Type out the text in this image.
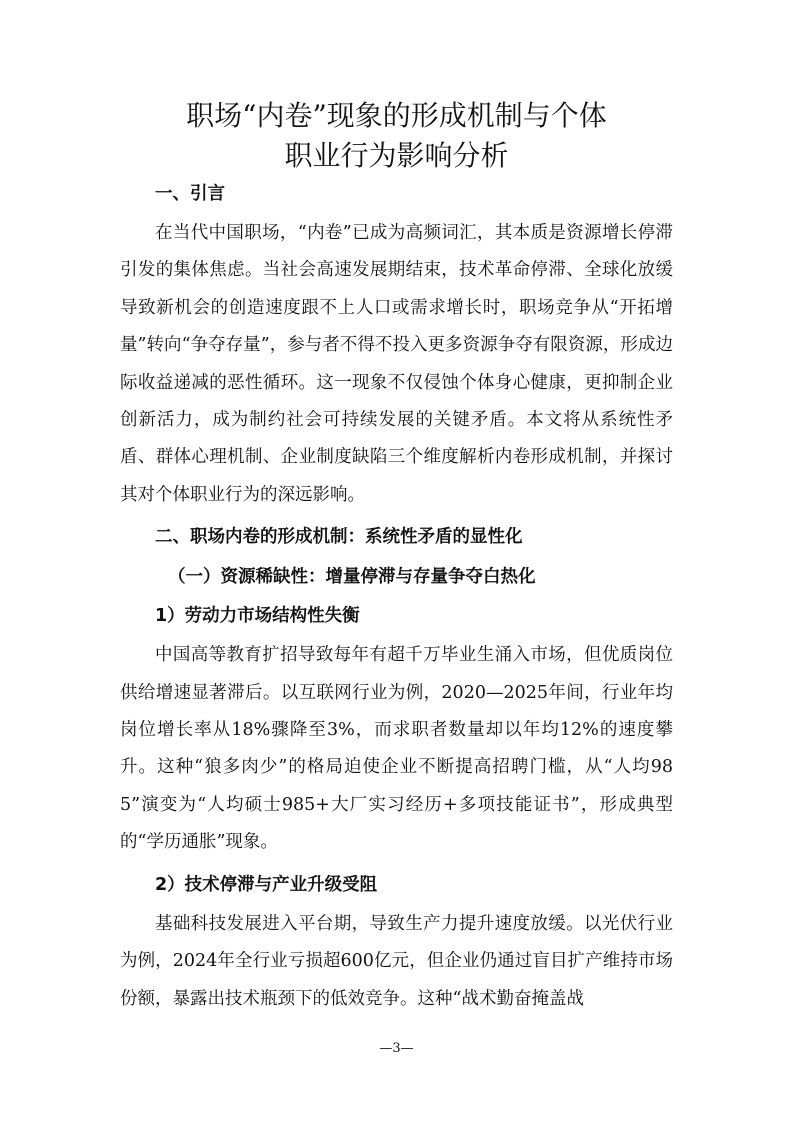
职场“内卷”现象的形成机制与个体
职业行为影响分析
一、引言

在当代中国职场，“内卷”已成为高频词汇，其本质是资源增长停滞引发的集体焦虑。当社会高速发展期结束，技术革命停滞、全球化放缓导致新机会的创造速度跟不上人口或需求增长时，职场竞争从“开拓增量”转向“争夺存量”，参与者不得不投入更多资源争夺有限资源，形成边际收益递减的恶性循环。这一现象不仅侵蚀个体身心健康，更抑制企业创新活力，成为制约社会可持续发展的关键矛盾。本文将从系统性矛盾、群体心理机制、企业制度缺陷三个维度解析内卷形成机制，并探讨其对个体职业行为的深远影响。

二、职场内卷的形成机制：系统性矛盾的显性化
（一）资源稀缺性：增量停滞与存量争夺白热化
1）劳动力市场结构性失衡

中国高等教育扩招导致每年有超千万毕业生涌入市场，但优质岗位供给增速显著滞后。以互联网行业为例，2020—2025年间，行业年均岗位增长率从18%骤降至3%，而求职者数量却以年均12%的速度攀升。这种“狼多肉少”的格局迫使企业不断提高招聘门槛，从“人均985”演变为“人均硕士985+大厂实习经历+多项技能证书”，形成典型的“学历通胀”现象。

2）技术停滞与产业升级受阻

基础科技发展进入平台期，导致生产力提升速度放缓。以光伏行业为例，2024年全行业亏损超600亿元，但企业仍通过盲目扩产维持市场份额，暴露出技术瓶颈下的低效竞争。这种“战术勤奋掩盖战

—3—
